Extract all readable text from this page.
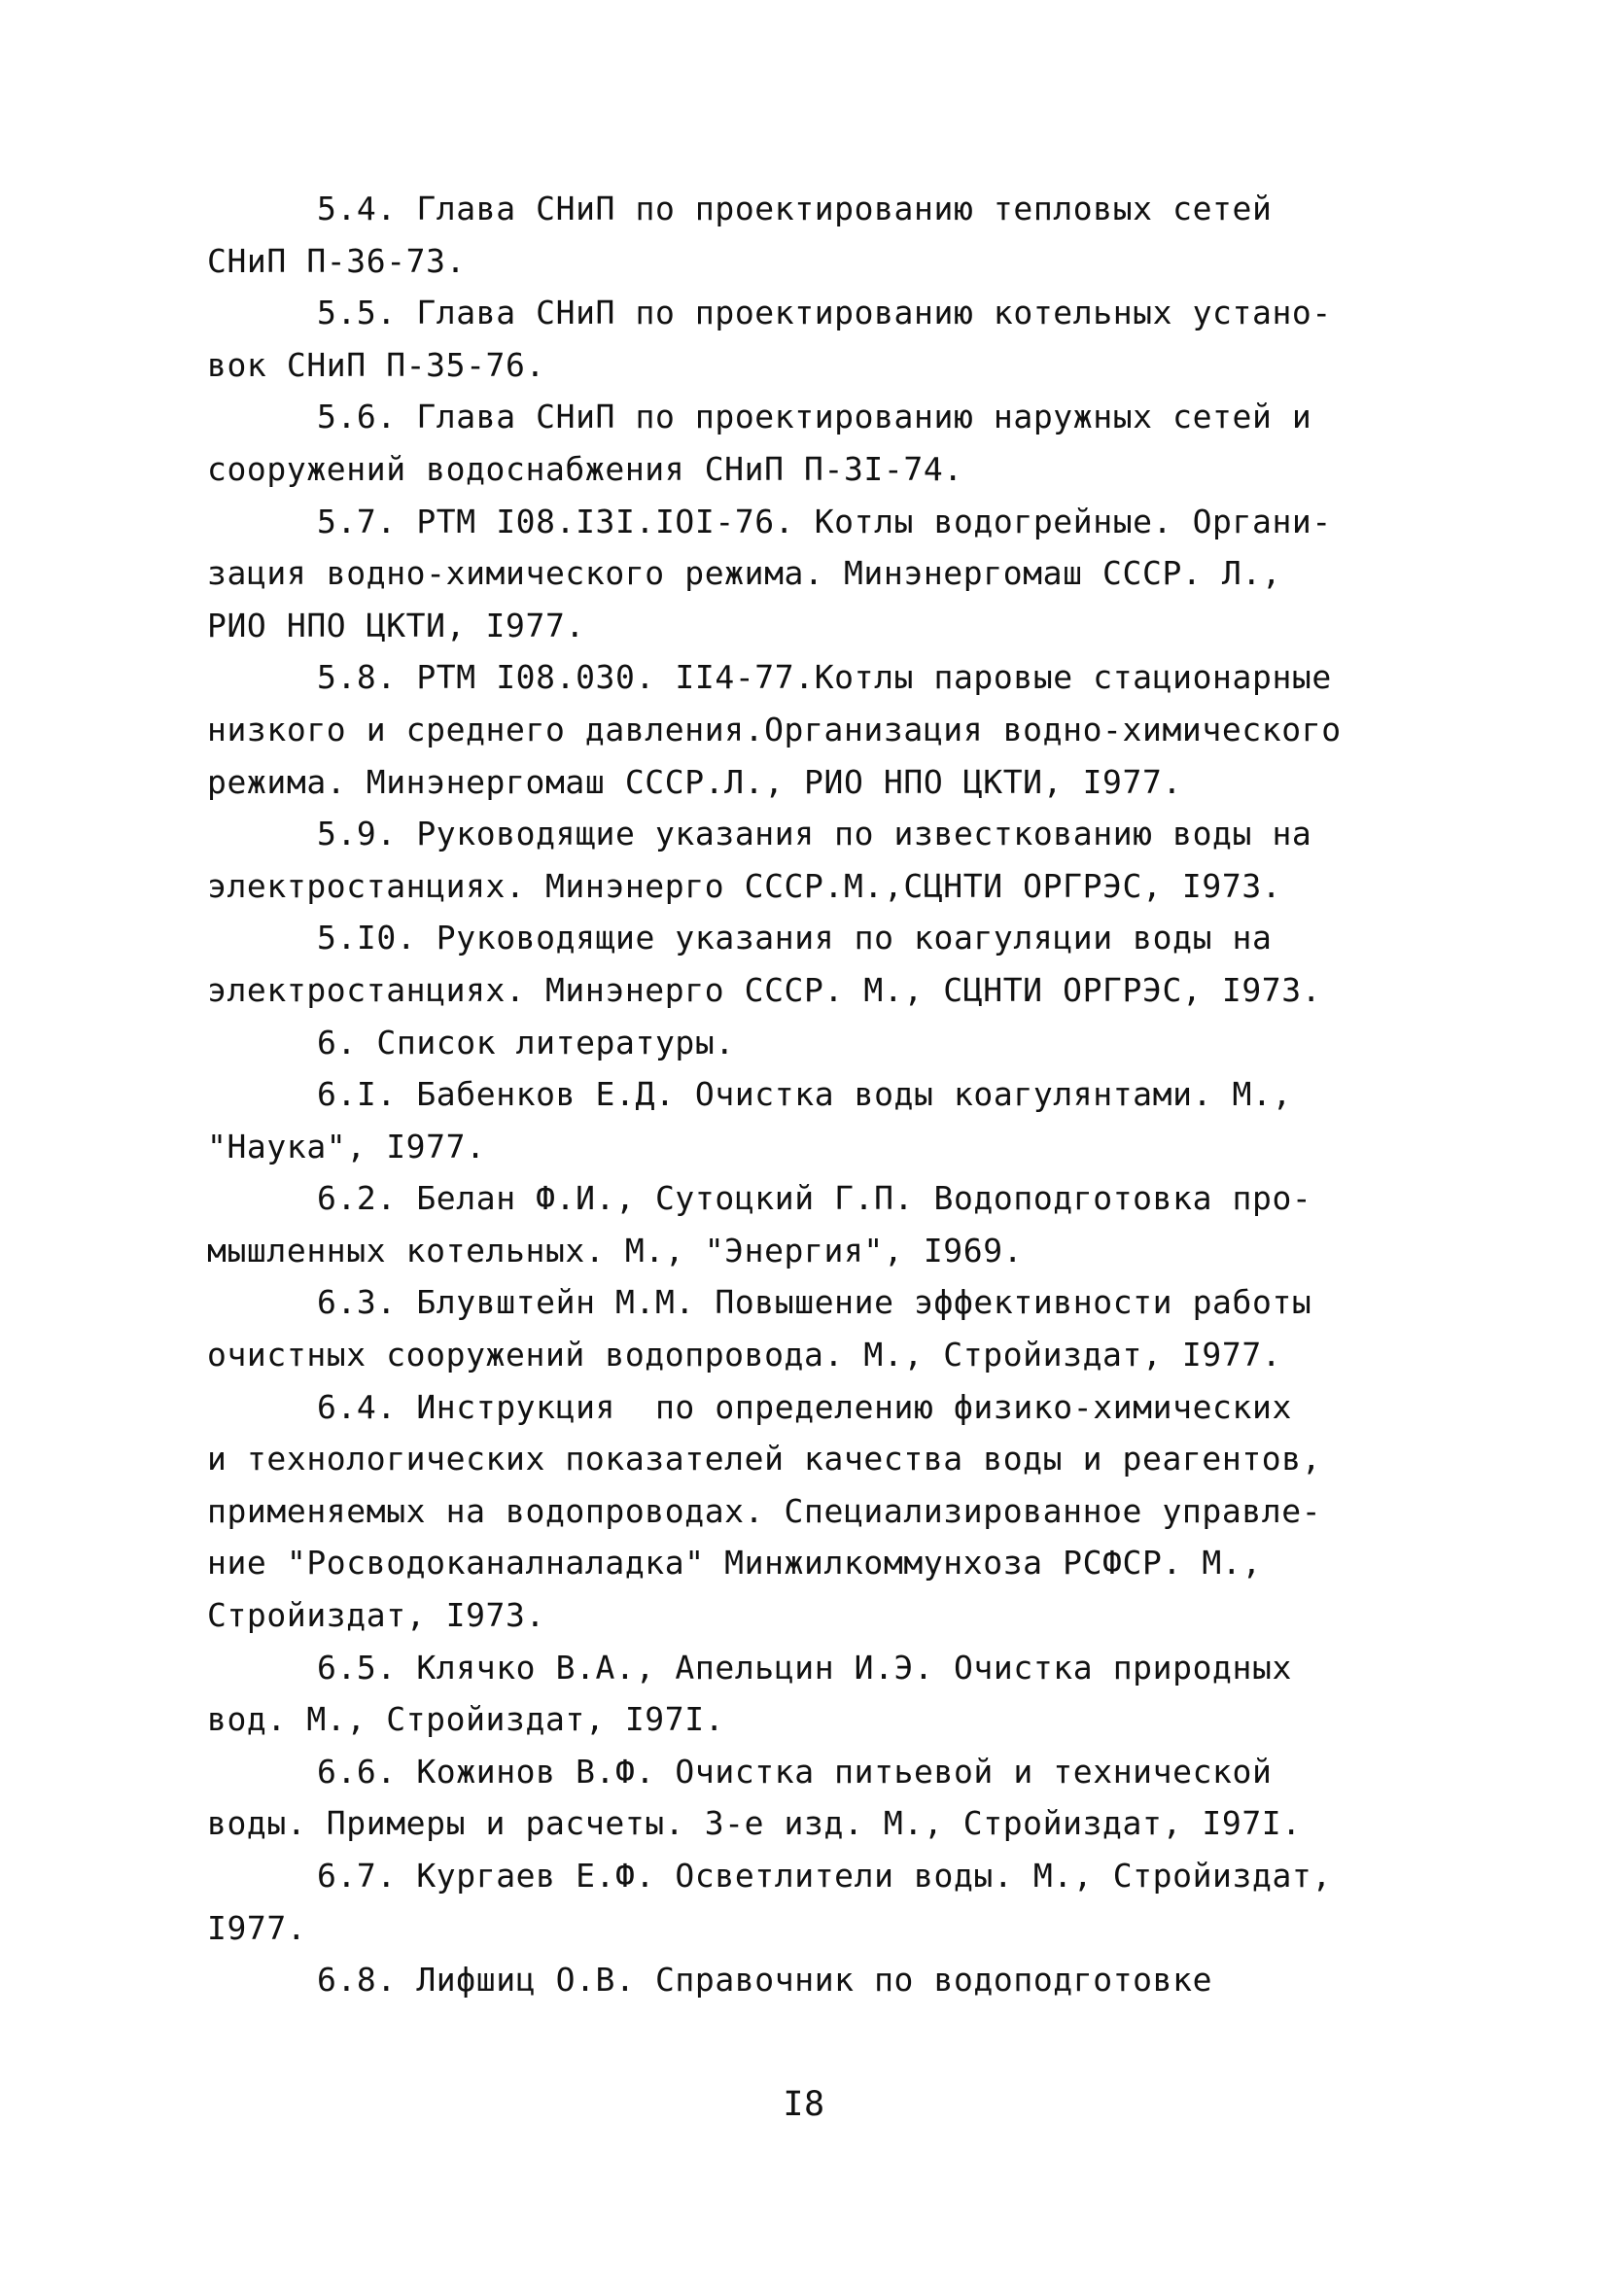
5.4. Глава СНиП по проектированию тепловых сетей
СНиП П-36-73.
5.5. Глава СНиП по проектированию котельных устано-
вок СНиП П-35-76.
5.6. Глава СНиП по проектированию наружных сетей и
сооружений водоснабжения СНиП П-3I-74.
5.7. РТМ I08.I3I.IOI-76. Котлы водогрейные. Органи-
зация водно-химического режима. Минэнергомаш СССР. Л.,
РИО НПО ЦКТИ, I977.
5.8. РТМ I08.030. II4-77.Котлы паровые стационарные
низкого и среднего давления.Организация водно-химического
режима. Минэнергомаш СССР.Л., РИО НПО ЦКТИ, I977.
5.9. Руководящие указания по известкованию воды на
электростанциях. Минэнерго СССР.М.,СЦНТИ ОРГРЭС, I973.
5.I0. Руководящие указания по коагуляции воды на
электростанциях. Минэнерго СССР. М., СЦНТИ ОРГРЭС, I973.
6. Список литературы.
6.I. Бабенков Е.Д. Очистка воды коагулянтами. М.,
"Наука", I977.
6.2. Белан Ф.И., Сутоцкий Г.П. Водоподготовка про-
мышленных котельных. М., "Энергия", I969.
6.3. Блувштейн М.М. Повышение эффективности работы
очистных сооружений водопровода. М., Стройиздат, I977.
6.4. Инструкция  по определению физико-химических
и технологических показателей качества воды и реагентов,
применяемых на водопроводах. Специализированное управле-
ние "Росводоканалналадка" Минжилкоммунхоза РСФСР. М.,
Стройиздат, I973.
6.5. Клячко В.А., Апельцин И.Э. Очистка природных
вод. М., Стройиздат, I97I.
6.6. Кожинов В.Ф. Очистка питьевой и технической
воды. Примеры и расчеты. 3-е изд. М., Стройиздат, I97I.
6.7. Кургаев Е.Ф. Осветлители воды. М., Стройиздат,
I977.
6.8. Лифшиц О.В. Справочник по водоподготовке
I8
